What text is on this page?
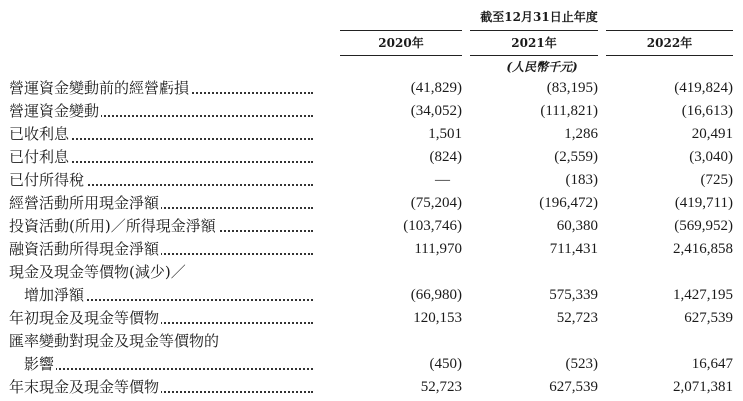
截至12月31日止年度
2020年	2021年	2022年
(人民幣千元)
營運資金變動前的經營虧損	(41,829)	(83,195)	(419,824)
營運資金變動	(34,052)	(111,821)	(16,613)
已收利息	1,501	1,286	20,491
已付利息	(824)	(2,559)	(3,040)
已付所得稅	—	(183)	(725)
經營活動所用現金淨額	(75,204)	(196,472)	(419,711)
投資活動(所用)／所得現金淨額	(103,746)	60,380	(569,952)
融資活動所得現金淨額	111,970	711,431	2,416,858
現金及現金等價物(減少)／
增加淨額	(66,980)	575,339	1,427,195
年初現金及現金等價物	120,153	52,723	627,539
匯率變動對現金及現金等價物的
影響	(450)	(523)	16,647
年末現金及現金等價物	52,723	627,539	2,071,381
